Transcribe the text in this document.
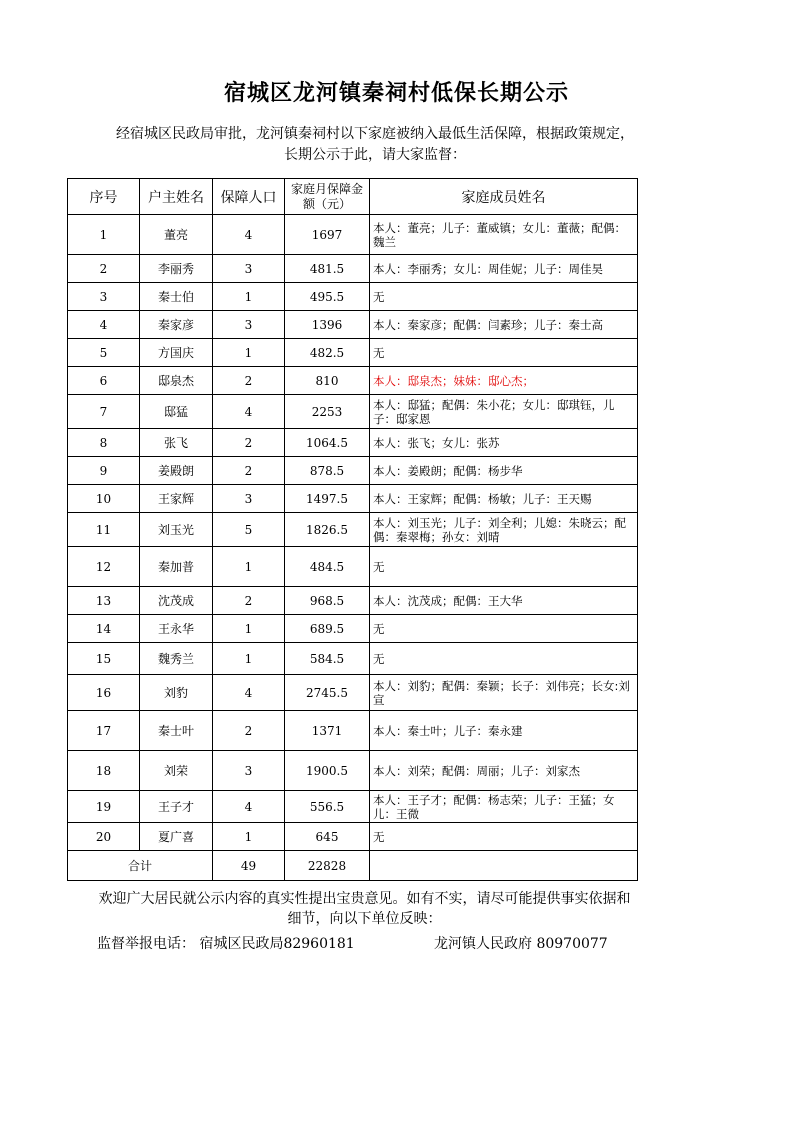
宿城区龙河镇秦祠村低保长期公示
经宿城区民政局审批，龙河镇秦祠村以下家庭被纳入最低生活保障，根据政策规定，长期公示于此，请大家监督：
序号	户主姓名	保障人口	家庭月保障金额（元）	家庭成员姓名
1	董亮	4	1697	本人：董亮；儿子：董威镇；女儿：董薇；配偶：魏兰
2	李丽秀	3	481.5	本人：李丽秀；女儿：周佳妮；儿子：周佳昊
3	秦士伯	1	495.5	无
4	秦家彦	3	1396	本人：秦家彦；配偶：闫素珍；儿子：秦士高
5	方国庆	1	482.5	无
6	邸泉杰	2	810	本人：邸泉杰；妹妹：邸心杰；
7	邸猛	4	2253	本人：邸猛；配偶：朱小花；女儿：邸琪钰，儿子：邸家恩
8	张飞	2	1064.5	本人：张飞；女儿：张苏
9	姜殿朗	2	878.5	本人：姜殿朗；配偶：杨步华
10	王家辉	3	1497.5	本人：王家辉；配偶：杨敏；儿子：王天赐
11	刘玉光	5	1826.5	本人：刘玉光；儿子：刘全利；儿媳：朱晓云；配偶：秦翠梅；孙女：刘晴
12	秦加普	1	484.5	无
13	沈茂成	2	968.5	本人：沈茂成；配偶：王大华
14	王永华	1	689.5	无
15	魏秀兰	1	584.5	无
16	刘豹	4	2745.5	本人：刘豹；配偶：秦颖；长子：刘伟亮；长女:刘宣
17	秦士叶	2	1371	本人：秦士叶；儿子：秦永建
18	刘荣	3	1900.5	本人：刘荣；配偶：周丽；儿子：刘家杰
19	王子才	4	556.5	本人：王子才；配偶：杨志荣；儿子：王猛；女儿：王微
20	夏广喜	1	645	无
合计		49	22828	
欢迎广大居民就公示内容的真实性提出宝贵意见。如有不实，请尽可能提供事实依据和细节，向以下单位反映：
监督举报电话： 宿城区民政局82960181	龙河镇人民政府 80970077
